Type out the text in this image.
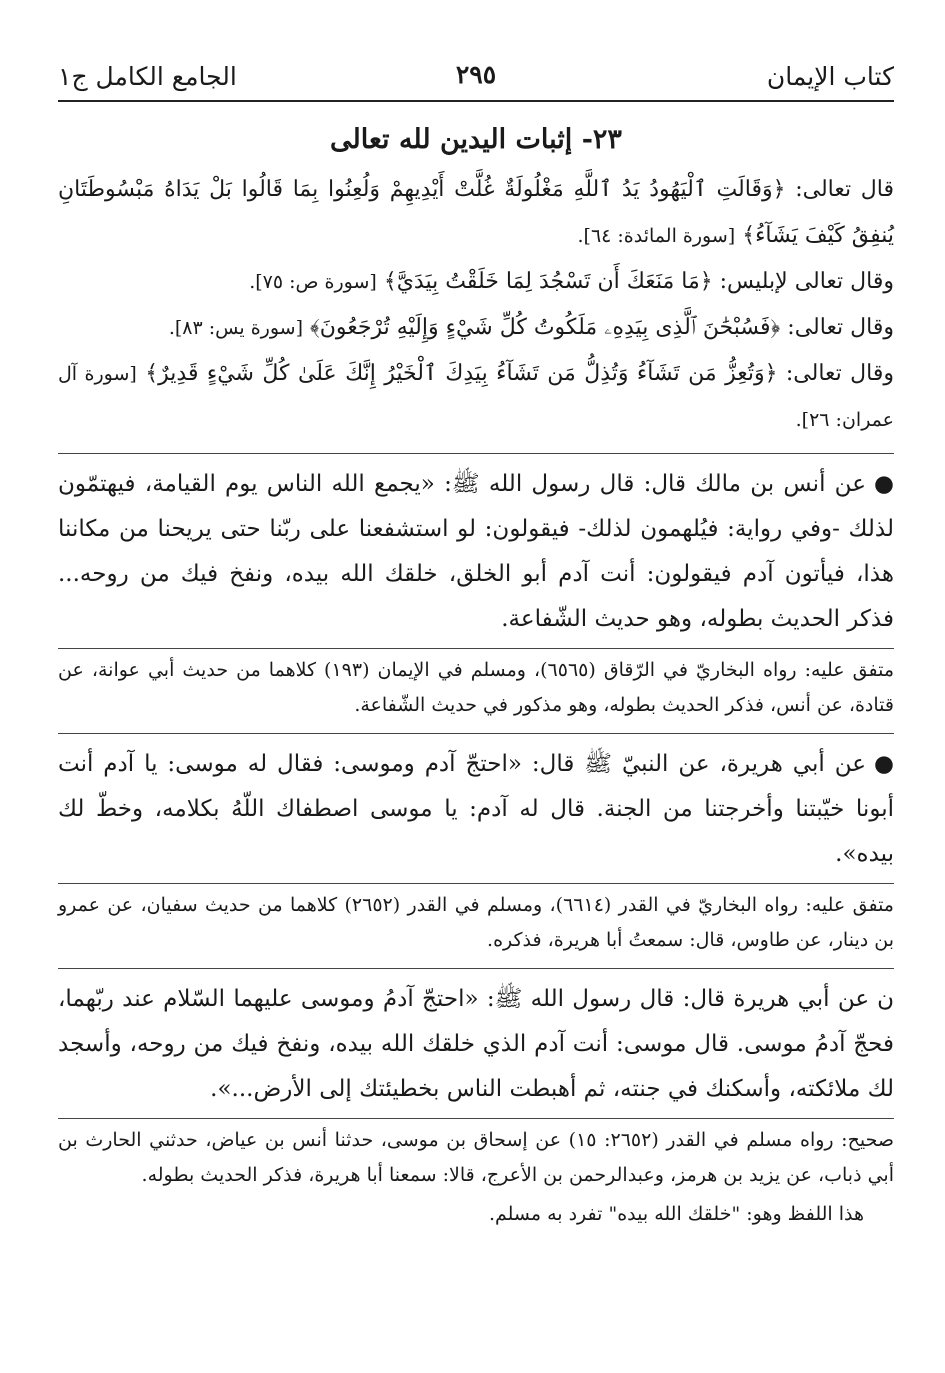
كتاب الإيمان
٢٩٥
الجامع الكامل ج١
٢٣- إثبات اليدين لله تعالى

قال تعالى: ﴿وَقَالَتِ ٱلْيَهُودُ يَدُ ٱللَّهِ مَغْلُولَةٌ غُلَّتْ أَيْدِيهِمْ وَلُعِنُوا بِمَا قَالُوا بَلْ يَدَاهُ مَبْسُوطَتَانِ يُنفِقُ كَيْفَ يَشَآءُ﴾ [سورة المائدة: ٦٤].

وقال تعالى لإبليس: ﴿مَا مَنَعَكَ أَن تَسْجُدَ لِمَا خَلَقْتُ بِيَدَيَّ﴾ [سورة ص: ٧٥].

وقال تعالى: ﴿فَسُبْحَٰنَ ٱلَّذِى بِيَدِهِۦ مَلَكُوتُ كُلِّ شَيْءٍ وَإِلَيْهِ تُرْجَعُونَ﴾ [سورة يس: ٨٣].

وقال تعالى: ﴿وَتُعِزُّ مَن تَشَآءُ وَتُذِلُّ مَن تَشَآءُ بِيَدِكَ ٱلْخَيْرُ إِنَّكَ عَلَىٰ كُلِّ شَيْءٍ قَدِيرٌ﴾ [سورة آل عمران: ٢٦].

●عن أنس بن مالك قال: قال رسول الله ﷺ: «يجمع الله الناس يوم القيامة، فيهتمّون لذلك -وفي رواية: فيُلهمون لذلك- فيقولون: لو استشفعنا على ربّنا حتى يريحنا من مكاننا هذا، فيأتون آدم فيقولون: أنت آدم أبو الخلق، خلقك الله بيده، ونفخ فيك من روحه... فذكر الحديث بطوله، وهو حديث الشّفاعة.

متفق عليه: رواه البخاريّ في الرّقاق (٦٥٦٥)، ومسلم في الإيمان (١٩٣) كلاهما من حديث أبي عوانة، عن قتادة، عن أنس، فذكر الحديث بطوله، وهو مذكور في حديث الشّفاعة.

●عن أبي هريرة، عن النبيّ ﷺ قال: «احتجّ آدم وموسى: فقال له موسى: يا آدم أنت أبونا خيّبتنا وأخرجتنا من الجنة. قال له آدم: يا موسى اصطفاك اللّهُ بكلامه، وخطّ لك بيده».

متفق عليه: رواه البخاريّ في القدر (٦٦١٤)، ومسلم في القدر (٢٦٥٢) كلاهما من حديث سفيان، عن عمرو بن دينار، عن طاوس، قال: سمعتُ أبا هريرة، فذكره.

نعن أبي هريرة قال: قال رسول الله ﷺ: «احتجّ آدمُ وموسى عليهما السّلام عند ربّهما، فحجّ آدمُ موسى. قال موسى: أنت آدم الذي خلقك الله بيده، ونفخ فيك من روحه، وأسجد لك ملائكته، وأسكنك في جنته، ثم أهبطت الناس بخطيئتك إلى الأرض...».

صحيح: رواه مسلم في القدر (٢٦٥٢: ١٥) عن إسحاق بن موسى، حدثنا أنس بن عياض، حدثني الحارث بن أبي ذباب، عن يزيد بن هرمز، وعبدالرحمن بن الأعرج، قالا: سمعنا أبا هريرة، فذكر الحديث بطوله.

هذا اللفظ وهو: "خلقك الله بيده" تفرد به مسلم.
